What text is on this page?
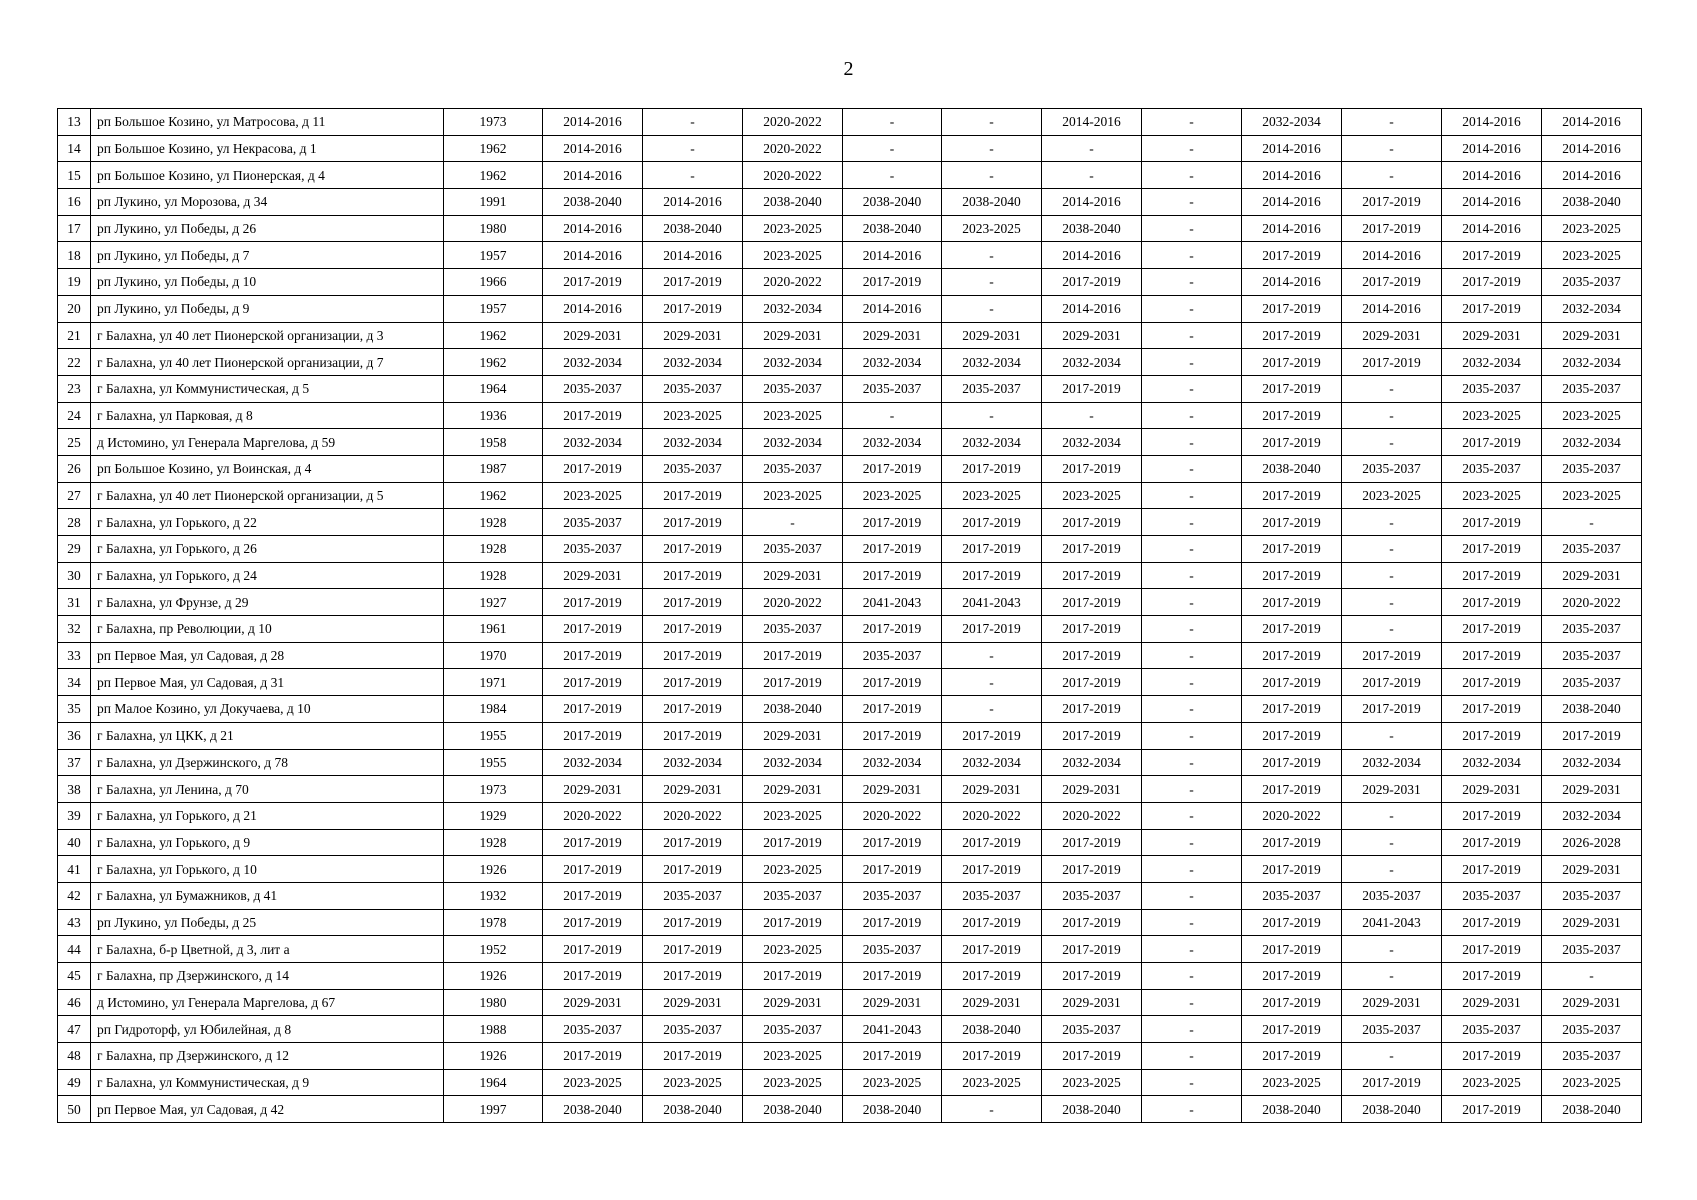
2
13	рп Большое Козино, ул Матросова, д 11	1973	2014-2016	-	2020-2022	-	-	2014-2016	-	2032-2034	-	2014-2016	2014-2016
14	рп Большое Козино, ул Некрасова, д 1	1962	2014-2016	-	2020-2022	-	-	-	-	2014-2016	-	2014-2016	2014-2016
15	рп Большое Козино, ул Пионерская, д 4	1962	2014-2016	-	2020-2022	-	-	-	-	2014-2016	-	2014-2016	2014-2016
16	рп Лукино, ул Морозова, д 34	1991	2038-2040	2014-2016	2038-2040	2038-2040	2038-2040	2014-2016	-	2014-2016	2017-2019	2014-2016	2038-2040
17	рп Лукино, ул Победы, д 26	1980	2014-2016	2038-2040	2023-2025	2038-2040	2023-2025	2038-2040	-	2014-2016	2017-2019	2014-2016	2023-2025
18	рп Лукино, ул Победы, д 7	1957	2014-2016	2014-2016	2023-2025	2014-2016	-	2014-2016	-	2017-2019	2014-2016	2017-2019	2023-2025
19	рп Лукино, ул Победы, д 10	1966	2017-2019	2017-2019	2020-2022	2017-2019	-	2017-2019	-	2014-2016	2017-2019	2017-2019	2035-2037
20	рп Лукино, ул Победы, д 9	1957	2014-2016	2017-2019	2032-2034	2014-2016	-	2014-2016	-	2017-2019	2014-2016	2017-2019	2032-2034
21	г Балахна, ул 40 лет Пионерской организации, д 3	1962	2029-2031	2029-2031	2029-2031	2029-2031	2029-2031	2029-2031	-	2017-2019	2029-2031	2029-2031	2029-2031
22	г Балахна, ул 40 лет Пионерской организации, д 7	1962	2032-2034	2032-2034	2032-2034	2032-2034	2032-2034	2032-2034	-	2017-2019	2017-2019	2032-2034	2032-2034
23	г Балахна, ул Коммунистическая, д 5	1964	2035-2037	2035-2037	2035-2037	2035-2037	2035-2037	2017-2019	-	2017-2019	-	2035-2037	2035-2037
24	г Балахна, ул Парковая, д 8	1936	2017-2019	2023-2025	2023-2025	-	-	-	-	2017-2019	-	2023-2025	2023-2025
25	д Истомино, ул Генерала Маргелова, д 59	1958	2032-2034	2032-2034	2032-2034	2032-2034	2032-2034	2032-2034	-	2017-2019	-	2017-2019	2032-2034
26	рп Большое Козино, ул Воинская, д 4	1987	2017-2019	2035-2037	2035-2037	2017-2019	2017-2019	2017-2019	-	2038-2040	2035-2037	2035-2037	2035-2037
27	г Балахна, ул 40 лет Пионерской организации, д 5	1962	2023-2025	2017-2019	2023-2025	2023-2025	2023-2025	2023-2025	-	2017-2019	2023-2025	2023-2025	2023-2025
28	г Балахна, ул Горького, д 22	1928	2035-2037	2017-2019	-	2017-2019	2017-2019	2017-2019	-	2017-2019	-	2017-2019	-
29	г Балахна, ул Горького, д 26	1928	2035-2037	2017-2019	2035-2037	2017-2019	2017-2019	2017-2019	-	2017-2019	-	2017-2019	2035-2037
30	г Балахна, ул Горького, д 24	1928	2029-2031	2017-2019	2029-2031	2017-2019	2017-2019	2017-2019	-	2017-2019	-	2017-2019	2029-2031
31	г Балахна, ул Фрунзе, д 29	1927	2017-2019	2017-2019	2020-2022	2041-2043	2041-2043	2017-2019	-	2017-2019	-	2017-2019	2020-2022
32	г Балахна, пр Революции, д 10	1961	2017-2019	2017-2019	2035-2037	2017-2019	2017-2019	2017-2019	-	2017-2019	-	2017-2019	2035-2037
33	рп Первое Мая, ул Садовая, д 28	1970	2017-2019	2017-2019	2017-2019	2035-2037	-	2017-2019	-	2017-2019	2017-2019	2017-2019	2035-2037
34	рп Первое Мая, ул Садовая, д 31	1971	2017-2019	2017-2019	2017-2019	2017-2019	-	2017-2019	-	2017-2019	2017-2019	2017-2019	2035-2037
35	рп Малое Козино, ул Докучаева, д 10	1984	2017-2019	2017-2019	2038-2040	2017-2019	-	2017-2019	-	2017-2019	2017-2019	2017-2019	2038-2040
36	г Балахна, ул ЦКК, д 21	1955	2017-2019	2017-2019	2029-2031	2017-2019	2017-2019	2017-2019	-	2017-2019	-	2017-2019	2017-2019
37	г Балахна, ул Дзержинского, д 78	1955	2032-2034	2032-2034	2032-2034	2032-2034	2032-2034	2032-2034	-	2017-2019	2032-2034	2032-2034	2032-2034
38	г Балахна, ул Ленина, д 70	1973	2029-2031	2029-2031	2029-2031	2029-2031	2029-2031	2029-2031	-	2017-2019	2029-2031	2029-2031	2029-2031
39	г Балахна, ул Горького, д 21	1929	2020-2022	2020-2022	2023-2025	2020-2022	2020-2022	2020-2022	-	2020-2022	-	2017-2019	2032-2034
40	г Балахна, ул Горького, д 9	1928	2017-2019	2017-2019	2017-2019	2017-2019	2017-2019	2017-2019	-	2017-2019	-	2017-2019	2026-2028
41	г Балахна, ул Горького, д 10	1926	2017-2019	2017-2019	2023-2025	2017-2019	2017-2019	2017-2019	-	2017-2019	-	2017-2019	2029-2031
42	г Балахна, ул Бумажников, д 41	1932	2017-2019	2035-2037	2035-2037	2035-2037	2035-2037	2035-2037	-	2035-2037	2035-2037	2035-2037	2035-2037
43	рп Лукино, ул Победы, д 25	1978	2017-2019	2017-2019	2017-2019	2017-2019	2017-2019	2017-2019	-	2017-2019	2041-2043	2017-2019	2029-2031
44	г Балахна, б-р Цветной, д 3, лит а	1952	2017-2019	2017-2019	2023-2025	2035-2037	2017-2019	2017-2019	-	2017-2019	-	2017-2019	2035-2037
45	г Балахна, пр Дзержинского, д 14	1926	2017-2019	2017-2019	2017-2019	2017-2019	2017-2019	2017-2019	-	2017-2019	-	2017-2019	-
46	д Истомино, ул Генерала Маргелова, д 67	1980	2029-2031	2029-2031	2029-2031	2029-2031	2029-2031	2029-2031	-	2017-2019	2029-2031	2029-2031	2029-2031
47	рп Гидроторф, ул Юбилейная, д 8	1988	2035-2037	2035-2037	2035-2037	2041-2043	2038-2040	2035-2037	-	2017-2019	2035-2037	2035-2037	2035-2037
48	г Балахна, пр Дзержинского, д 12	1926	2017-2019	2017-2019	2023-2025	2017-2019	2017-2019	2017-2019	-	2017-2019	-	2017-2019	2035-2037
49	г Балахна, ул Коммунистическая, д 9	1964	2023-2025	2023-2025	2023-2025	2023-2025	2023-2025	2023-2025	-	2023-2025	2017-2019	2023-2025	2023-2025
50	рп Первое Мая, ул Садовая, д 42	1997	2038-2040	2038-2040	2038-2040	2038-2040	-	2038-2040	-	2038-2040	2038-2040	2017-2019	2038-2040
